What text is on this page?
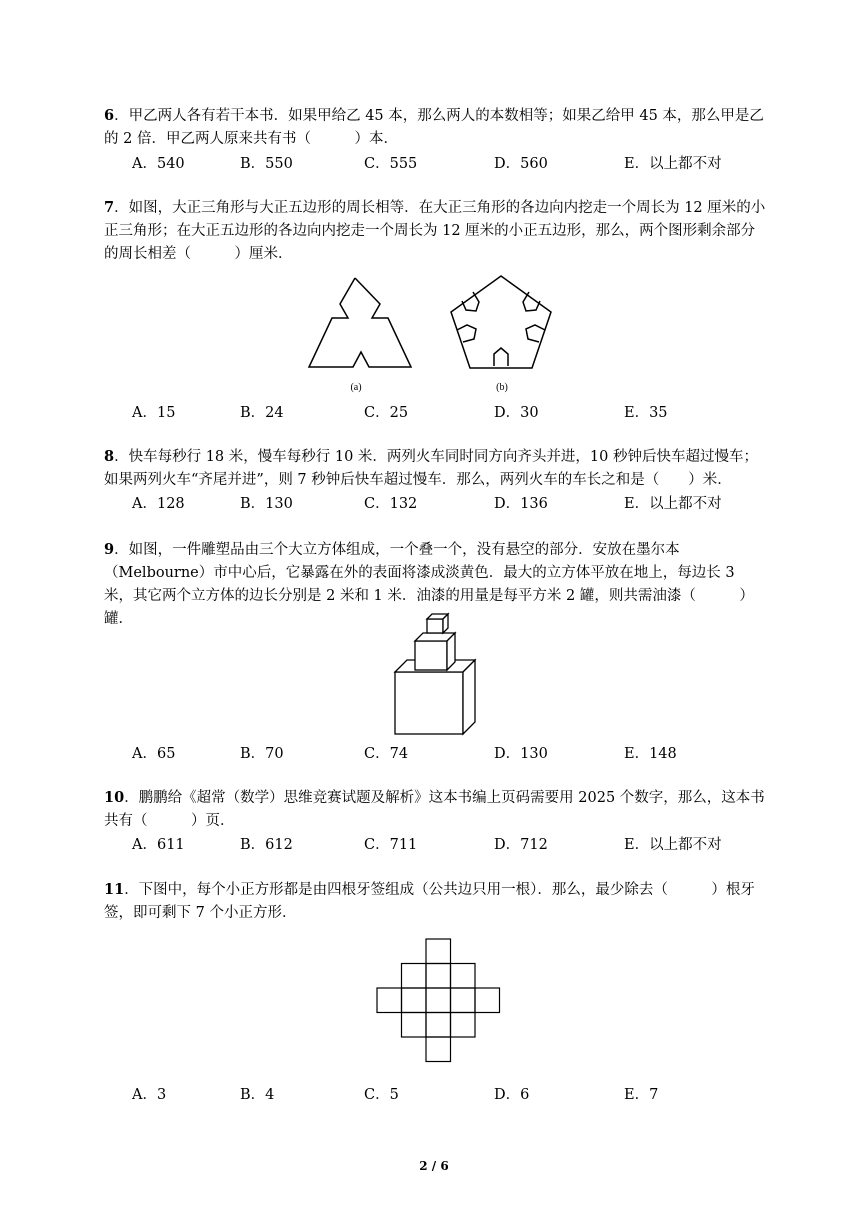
6．甲乙两人各有若干本书．如果甲给乙 45 本，那么两人的本数相等；如果乙给甲 45 本，那么甲是乙的 2 倍．甲乙两人原来共有书（　　　）本．
A．540	B．550	C．555	D．560	E．以上都不对
7．如图，大正三角形与大正五边形的周长相等．在大正三角形的各边向内挖走一个周长为 12 厘米的小正三角形；在大正五边形的各边向内挖走一个周长为 12 厘米的小正五边形，那么，两个图形剩余部分的周长相差（　　　）厘米．
(a)	(b)
A．15	B．24	C．25	D．30	E．35
8．快车每秒行 18 米，慢车每秒行 10 米．两列火车同时同方向齐头并进，10 秒钟后快车超过慢车；如果两列火车“齐尾并进”，则 7 秒钟后快车超过慢车．那么，两列火车的车长之和是（　　）米．
A．128	B．130	C．132	D．136	E．以上都不对
9．如图，一件雕塑品由三个大立方体组成，一个叠一个，没有悬空的部分．安放在墨尔本（Melbourne）市中心后，它暴露在外的表面将漆成淡黄色．最大的立方体平放在地上，每边长 3 米，其它两个立方体的边长分别是 2 米和 1 米．油漆的用量是每平方米 2 罐，则共需油漆（　　　）罐．
A．65	B．70	C．74	D．130	E．148
10．鹏鹏给《超常（数学）思维竞赛试题及解析》这本书编上页码需要用 2025 个数字，那么，这本书共有（　　　）页．
A．611	B．612	C．711	D．712	E．以上都不对
11．下图中，每个小正方形都是由四根牙签组成（公共边只用一根）．那么，最少除去（　　　）根牙签，即可剩下 7 个小正方形．
A．3	B．4	C．5	D．6	E．7
2 / 6
